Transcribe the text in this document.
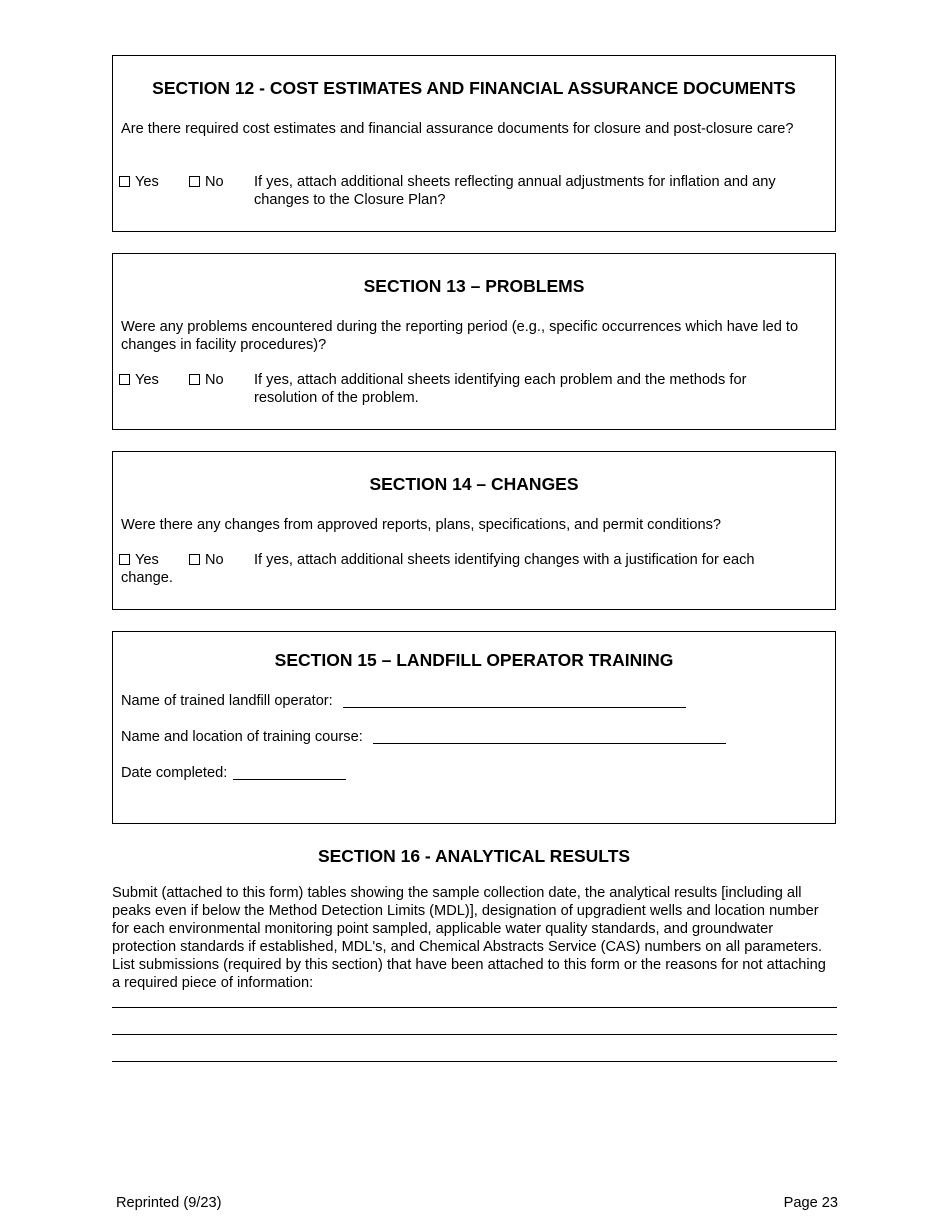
SECTION 12 - COST ESTIMATES AND FINANCIAL ASSURANCE DOCUMENTS

Are there required cost estimates and financial assurance documents for closure and post-closure care?

Yes	No If yes, attach additional sheets reflecting annual adjustments for inflation and any changes to the Closure Plan?

SECTION 13 – PROBLEMS

Were any problems encountered during the reporting period (e.g., specific occurrences which have led to changes in facility procedures)?

Yes	No If yes, attach additional sheets identifying each problem and the methods for resolution of the problem.

SECTION 14 – CHANGES

Were there any changes from approved reports, plans, specifications, and permit conditions?

Yes	No If yes, attach additional sheets identifying changes with a justification for each

change.

SECTION 15 – LANDFILL OPERATOR TRAINING
Name of trained landfill operator:
Name and location of training course:
Date completed:
SECTION 16 - ANALYTICAL RESULTS

Submit (attached to this form) tables showing the sample collection date, the analytical results [including all peaks even if below the Method Detection Limits (MDL)], designation of upgradient wells and location number for each environmental monitoring point sampled, applicable water quality standards, and groundwater protection standards if established, MDL's, and Chemical Abstracts Service (CAS) numbers on all parameters. List submissions (required by this section) that have been attached to this form or the reasons for not attaching a required piece of information:

Reprinted (9/23)	Page 23
